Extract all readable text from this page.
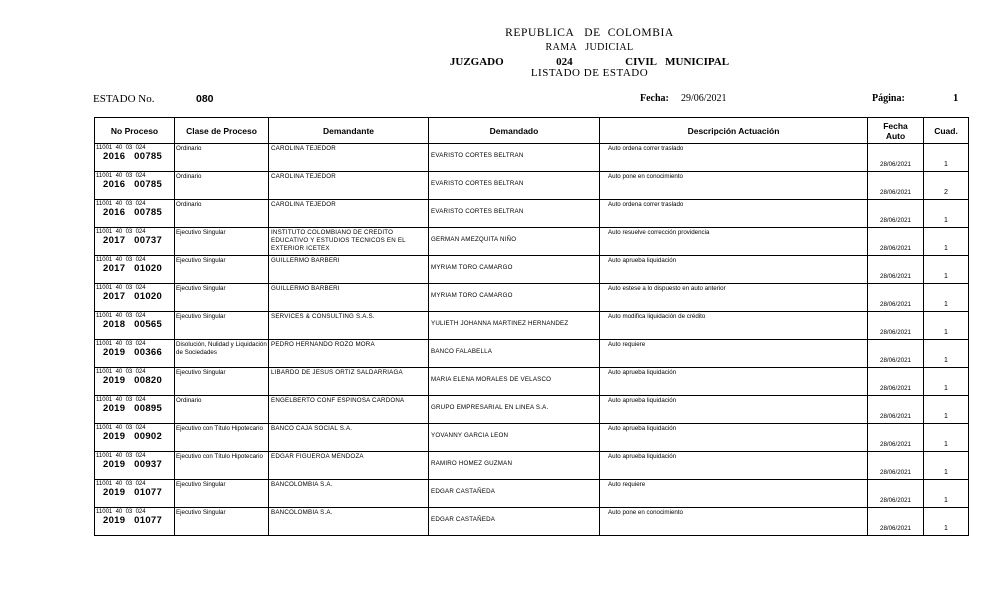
REPUBLICA   DE  COLOMBIA
RAMA   JUDICIAL
JUZGADO      024      CIVIL MUNICIPAL
LISTADO DE ESTADO
ESTADO No.	080	Fecha: 29/06/2021	Página:	1
No Proceso	Clase de Proceso	Demandante	Demandado	Descripción Actuación	Fecha Auto	Cuad.

11001  40  03  024
2016   00785	Ordinario	CAROLINA TEJEDOR	EVARISTO CORTES BELTRAN	Auto ordena correr traslado	28/06/2021	1

11001  40  03  024
2016   00785	Ordinario	CAROLINA TEJEDOR	EVARISTO CORTES BELTRAN	Auto pone en conocimiento	28/06/2021	2

11001  40  03  024
2016   00785	Ordinario	CAROLINA TEJEDOR	EVARISTO CORTES BELTRAN	Auto ordena correr traslado	28/06/2021	1

11001  40  03  024
2017   00737	Ejecutivo Singular	INSTITUTO COLOMBIANO DE CREDITO EDUCATIVO Y ESTUDIOS TECNICOS EN EL EXTERIOR ICETEX	GERMAN AMEZQUITA NIÑO	Auto resuelve corrección providencia	28/06/2021	1

11001  40  03  024
2017   01020	Ejecutivo Singular	GUILLERMO BARBERI	MYRIAM TORO CAMARGO	Auto aprueba liquidación	28/06/2021	1

11001  40  03  024
2017   01020	Ejecutivo Singular	GUILLERMO BARBERI	MYRIAM TORO CAMARGO	Auto estese a lo dispuesto en auto anterior	28/06/2021	1

11001  40  03  024
2018   00565	Ejecutivo Singular	SERVICES & CONSULTING S.A.S.	YULIETH JOHANNA MARTINEZ HERNANDEZ	Auto modifica liquidación de crédito	28/06/2021	1

11001  40  03  024
2019   00366	Disolución, Nulidad y Liquidación de Sociedades	PEDRO HERNANDO ROZO MORA	BANCO FALABELLA	Auto requiere	28/06/2021	1

11001  40  03  024
2019   00820	Ejecutivo Singular	LIBARDO DE JESUS ORTIZ SALDARRIAGA	MARIA ELENA MORALES DE VELASCO	Auto aprueba liquidación	28/06/2021	1

11001  40  03  024
2019   00895	Ordinario	ENGELBERTO CONF ESPINOSA CARDONA	GRUPO EMPRESARIAL EN LINEA S.A.	Auto aprueba liquidación	28/06/2021	1

11001  40  03  024
2019   00902	Ejecutivo con Título Hipotecario	BANCO CAJA SOCIAL S.A.	YOVANNY GARCIA LEON	Auto aprueba liquidación	28/06/2021	1

11001  40  03  024
2019   00937	Ejecutivo con Título Hipotecario	EDGAR FIGUEROA MENDOZA	RAMIRO HOMEZ GUZMAN	Auto aprueba liquidación	28/06/2021	1

11001  40  03  024
2019   01077	Ejecutivo Singular	BANCOLOMBIA S.A.	EDGAR CASTAÑEDA	Auto requiere	28/06/2021	1

11001  40  03  024
2019   01077	Ejecutivo Singular	BANCOLOMBIA S.A.	EDGAR CASTAÑEDA	Auto pone en conocimiento	28/06/2021	1
